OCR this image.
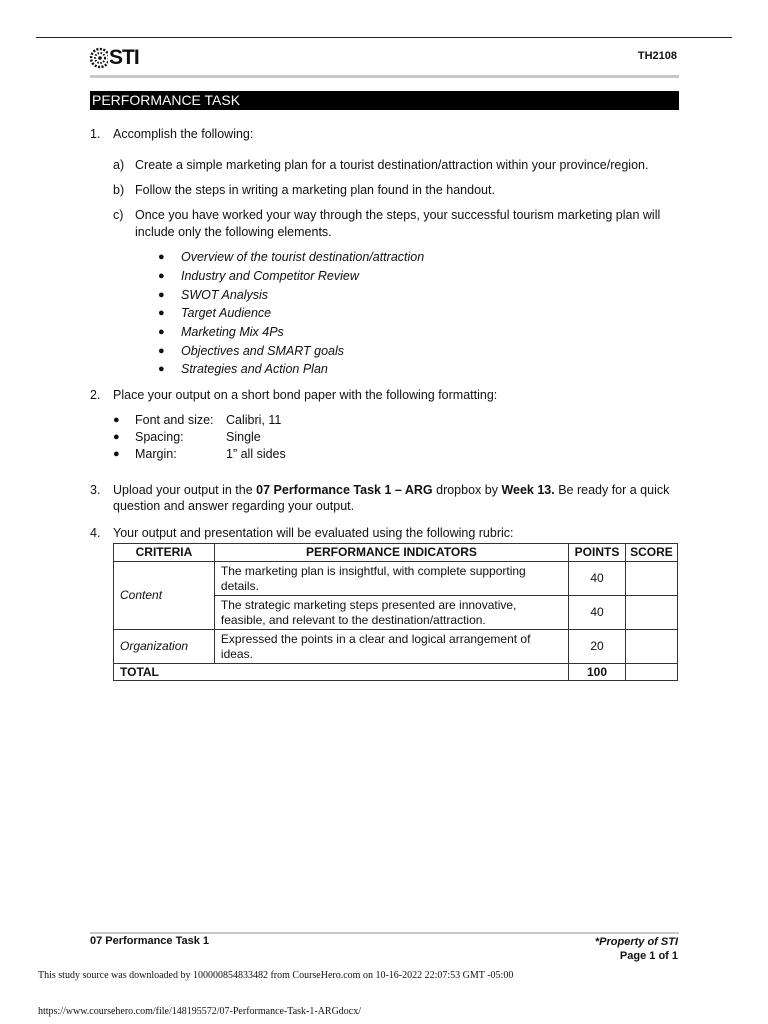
STI	TH2108
PERFORMANCE TASK
1. Accomplish the following:
a) Create a simple marketing plan for a tourist destination/attraction within your province/region.
b) Follow the steps in writing a marketing plan found in the handout.
c) Once you have worked your way through the steps, your successful tourism marketing plan will
include only the following elements.
● Overview of the tourist destination/attraction
● Industry and Competitor Review
● SWOT Analysis
● Target Audience
● Marketing Mix 4Ps
● Objectives and SMART goals
● Strategies and Action Plan
2. Place your output on a short bond paper with the following formatting:
● Font and size: Calibri, 11
● Spacing:	Single
● Margin:	1” all sides
3. Upload your output in the 07 Performance Task 1 – ARG dropbox by Week 13. Be ready for a quick
question and answer regarding your output.
4. Your output and presentation will be evaluated using the following rubric:
CRITERIA	PERFORMANCE INDICATORS	POINTS	SCORE
Content	The marketing plan is insightful, with complete supporting
details.	40	

	The strategic marketing steps presented are innovative,
feasible, and relevant to the destination/attraction.	40	
Organization	Expressed the points in a clear and logical arrangement of
ideas.	20	
TOTAL		100	
07 Performance Task 1	*Property of STI
Page 1 of 1
This study source was downloaded by 100000854833482 from CourseHero.com on 10-16-2022 22:07:53 GMT -05:00
https://www.coursehero.com/file/148195572/07-Performance-Task-1-ARGdocx/
